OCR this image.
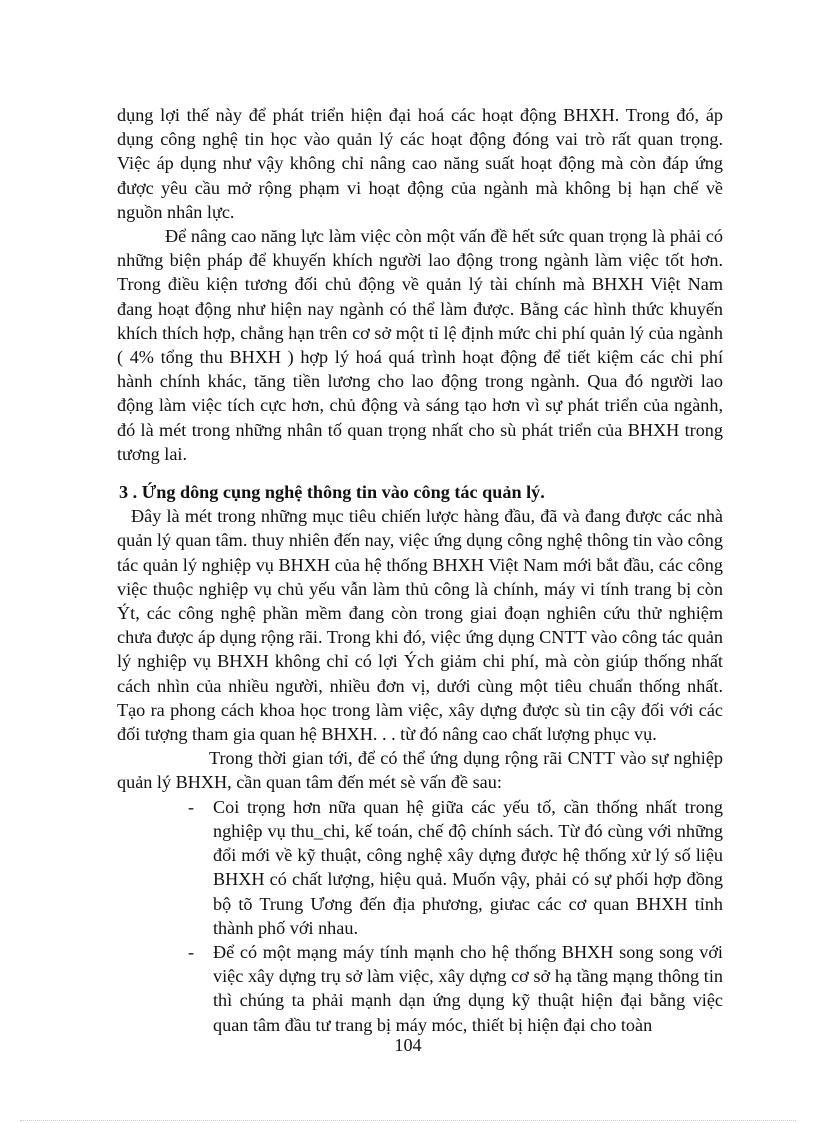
dụng lợi thế này để phát triển hiện đại hoá các hoạt động BHXH. Trong đó, áp dụng công nghệ tin học vào quản lý các hoạt động đóng vai trò rất quan trọng. Việc áp dụng như vậy không chỉ nâng cao năng suất hoạt động mà còn đáp ứng được yêu cầu mở rộng phạm vi hoạt động của ngành mà không bị hạn chế về nguồn nhân lực.

Để nâng cao năng lực làm việc còn một vấn đề hết sức quan trọng là phải có những biện pháp để khuyến khích người lao động trong ngành làm việc tốt hơn. Trong điều kiện tương đối chủ động về quản lý tài chính mà BHXH Việt Nam đang hoạt động như hiện nay ngành có thể làm được. Bằng các hình thức khuyến khích thích hợp, chẳng hạn trên cơ sở một tỉ lệ định mức chi phí quản lý của ngành ( 4% tổng thu BHXH ) hợp lý hoá quá trình hoạt động để tiết kiệm các chi phí hành chính khác, tăng tiền lương cho lao động trong ngành. Qua đó người lao động làm việc tích cực hơn, chủ động và sáng tạo hơn vì sự phát triển của ngành, đó là mét trong những nhân tố quan trọng nhất cho sù phát triển của BHXH trong tương lai.

3 . Ứng dông cụng nghệ thông tin vào công tác quản lý.

Đây là mét trong những mục tiêu chiến lược hàng đầu, đã và đang được các nhà quản lý quan tâm. thuy nhiên đến nay, việc ứng dụng công nghệ thông tin vào công tác quản lý nghiệp vụ BHXH của hệ thống BHXH Việt Nam mới bắt đầu, các công việc thuộc nghiệp vụ chủ yếu vẫn làm thủ công là chính, máy vi tính trang bị còn Ýt, các công nghệ phần mềm đang còn trong giai đoạn nghiên cứu thử nghiệm chưa được áp dụng rộng rãi. Trong khi đó, việc ứng dụng CNTT vào công tác quản lý nghiệp vụ BHXH không chỉ có lợi Ých giảm chi phí, mà còn giúp thống nhất cách nhìn của nhiều người, nhiều đơn vị, dưới cùng một tiêu chuẩn thống nhất. Tạo ra phong cách khoa học trong làm việc, xây dựng được sù tin cậy đối với các đối tượng tham gia quan hệ BHXH. . . từ đó nâng cao chất lượng phục vụ.

Trong thời gian tới, để có thể ứng dụng rộng rãi CNTT vào sự nghiệp quản lý BHXH, cần quan tâm đến mét sè vấn đề sau:

- Coi trọng hơn nữa quan hệ giữa các yếu tố, cần thống nhất trong nghiệp vụ thu_chi, kế toán, chế độ chính sách. Từ đó cùng với những đổi mới về kỹ thuật, công nghệ xây dựng được hệ thống xử lý số liệu BHXH có chất lượng, hiệu quả. Muốn vậy, phải có sự phối hợp đồng bộ tõ Trung Ương đến địa phương, giưac các cơ quan BHXH tỉnh thành phố với nhau.
- Để có một mạng máy tính mạnh cho hệ thống BHXH song song với việc xây dựng trụ sở làm việc, xây dựng cơ sở hạ tầng mạng thông tin thì chúng ta phải mạnh dạn ứng dụng kỹ thuật hiện đại bằng việc quan tâm đầu tư trang bị máy móc, thiết bị hiện đại cho toàn
104
